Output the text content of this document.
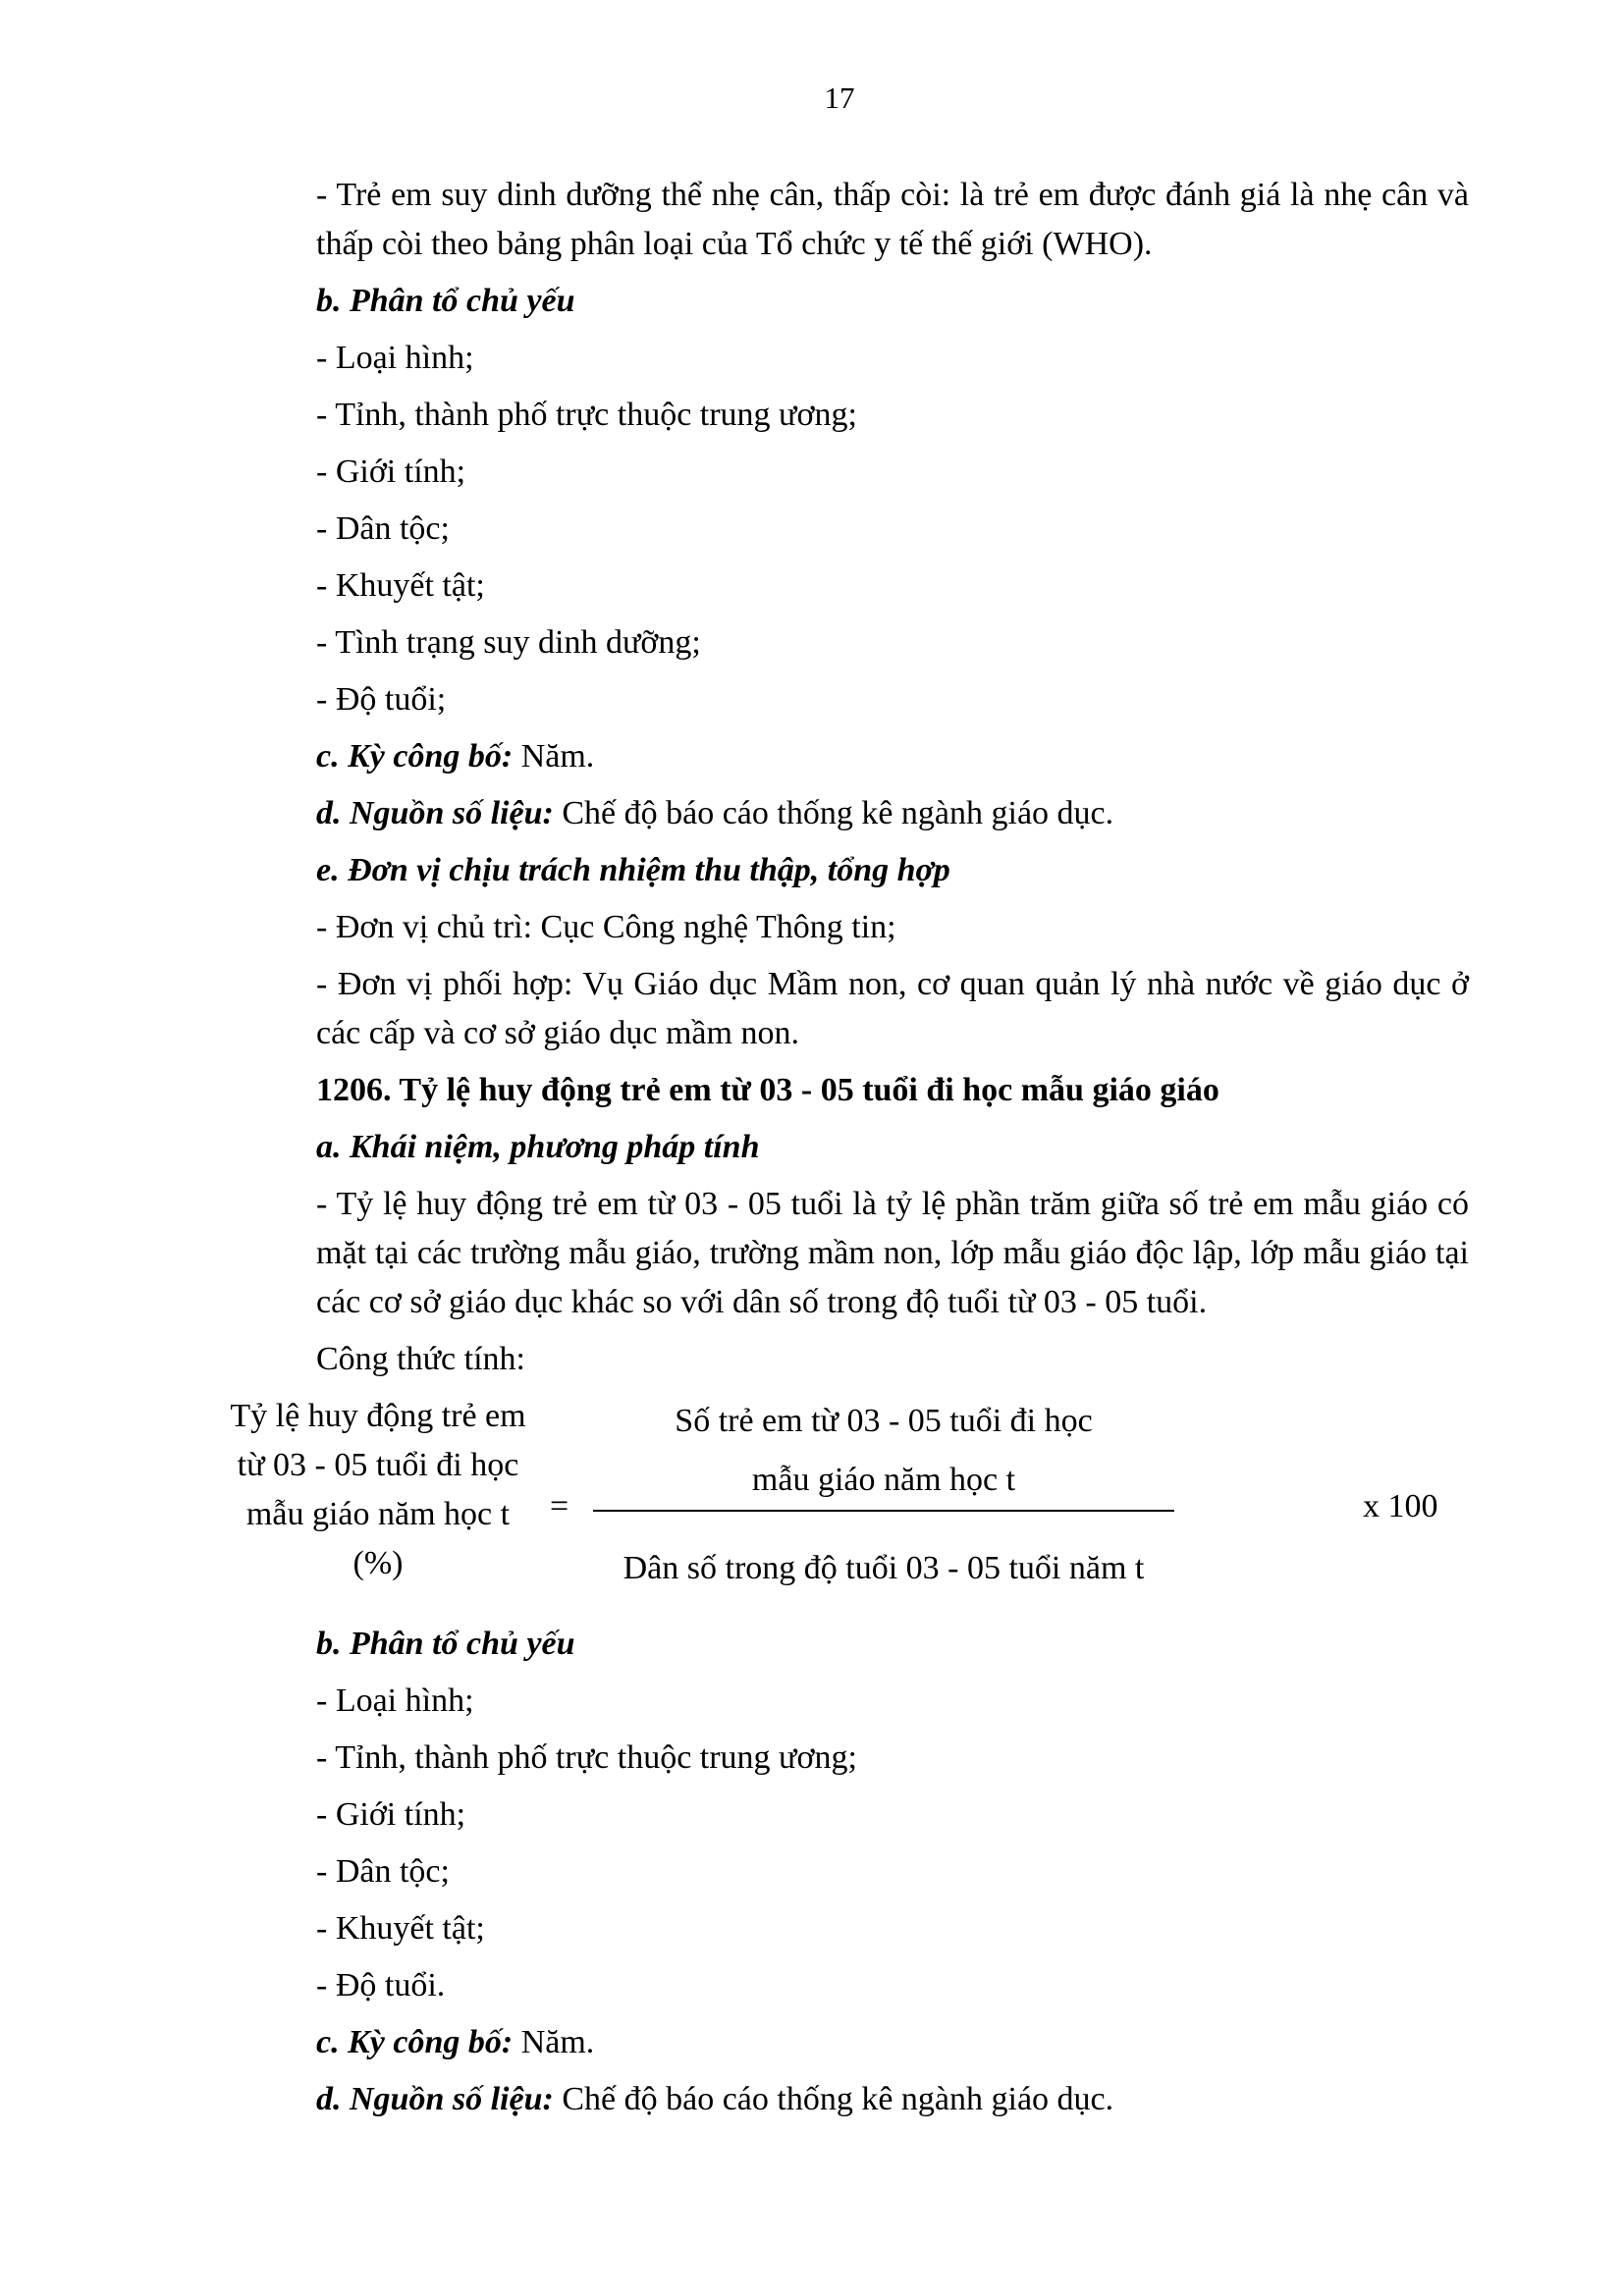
17

- Trẻ em suy dinh dưỡng thể nhẹ cân, thấp còi: là trẻ em được đánh giá là nhẹ cân và thấp còi theo bảng phân loại của Tổ chức y tế thế giới (WHO).

b. Phân tổ chủ yếu

- Loại hình;

- Tỉnh, thành phố trực thuộc trung ương;

- Giới tính;

- Dân tộc;

- Khuyết tật;

- Tình trạng suy dinh dưỡng;

- Độ tuổi;

c. Kỳ công bố: Năm.

d. Nguồn số liệu: Chế độ báo cáo thống kê ngành giáo dục.

e. Đơn vị chịu trách nhiệm thu thập, tổng hợp

- Đơn vị chủ trì: Cục Công nghệ Thông tin;

- Đơn vị phối hợp: Vụ Giáo dục Mầm non, cơ quan quản lý nhà nước về giáo dục ở các cấp và cơ sở giáo dục mầm non.

1206. Tỷ lệ huy động trẻ em từ 03 - 05 tuổi đi học mẫu giáo giáo

a. Khái niệm, phương pháp tính

- Tỷ lệ huy động trẻ em từ 03 - 05 tuổi là tỷ lệ phần trăm giữa số trẻ em mẫu giáo có mặt tại các trường mẫu giáo, trường mầm non, lớp mẫu giáo độc lập, lớp mẫu giáo tại các cơ sở giáo dục khác so với dân số trong độ tuổi từ 03 - 05 tuổi.

Công thức tính:

Tỷ lệ huy động trẻ em
từ 03 - 05 tuổi đi học
mẫu giáo năm học t
(%)
=
Số trẻ em từ 03 - 05 tuổi đi học
mẫu giáo năm học t
Dân số trong độ tuổi 03 - 05 tuổi năm t
x 100

b. Phân tổ chủ yếu

- Loại hình;

- Tỉnh, thành phố trực thuộc trung ương;

- Giới tính;

- Dân tộc;

- Khuyết tật;

- Độ tuổi.

c. Kỳ công bố: Năm.

d. Nguồn số liệu: Chế độ báo cáo thống kê ngành giáo dục.
